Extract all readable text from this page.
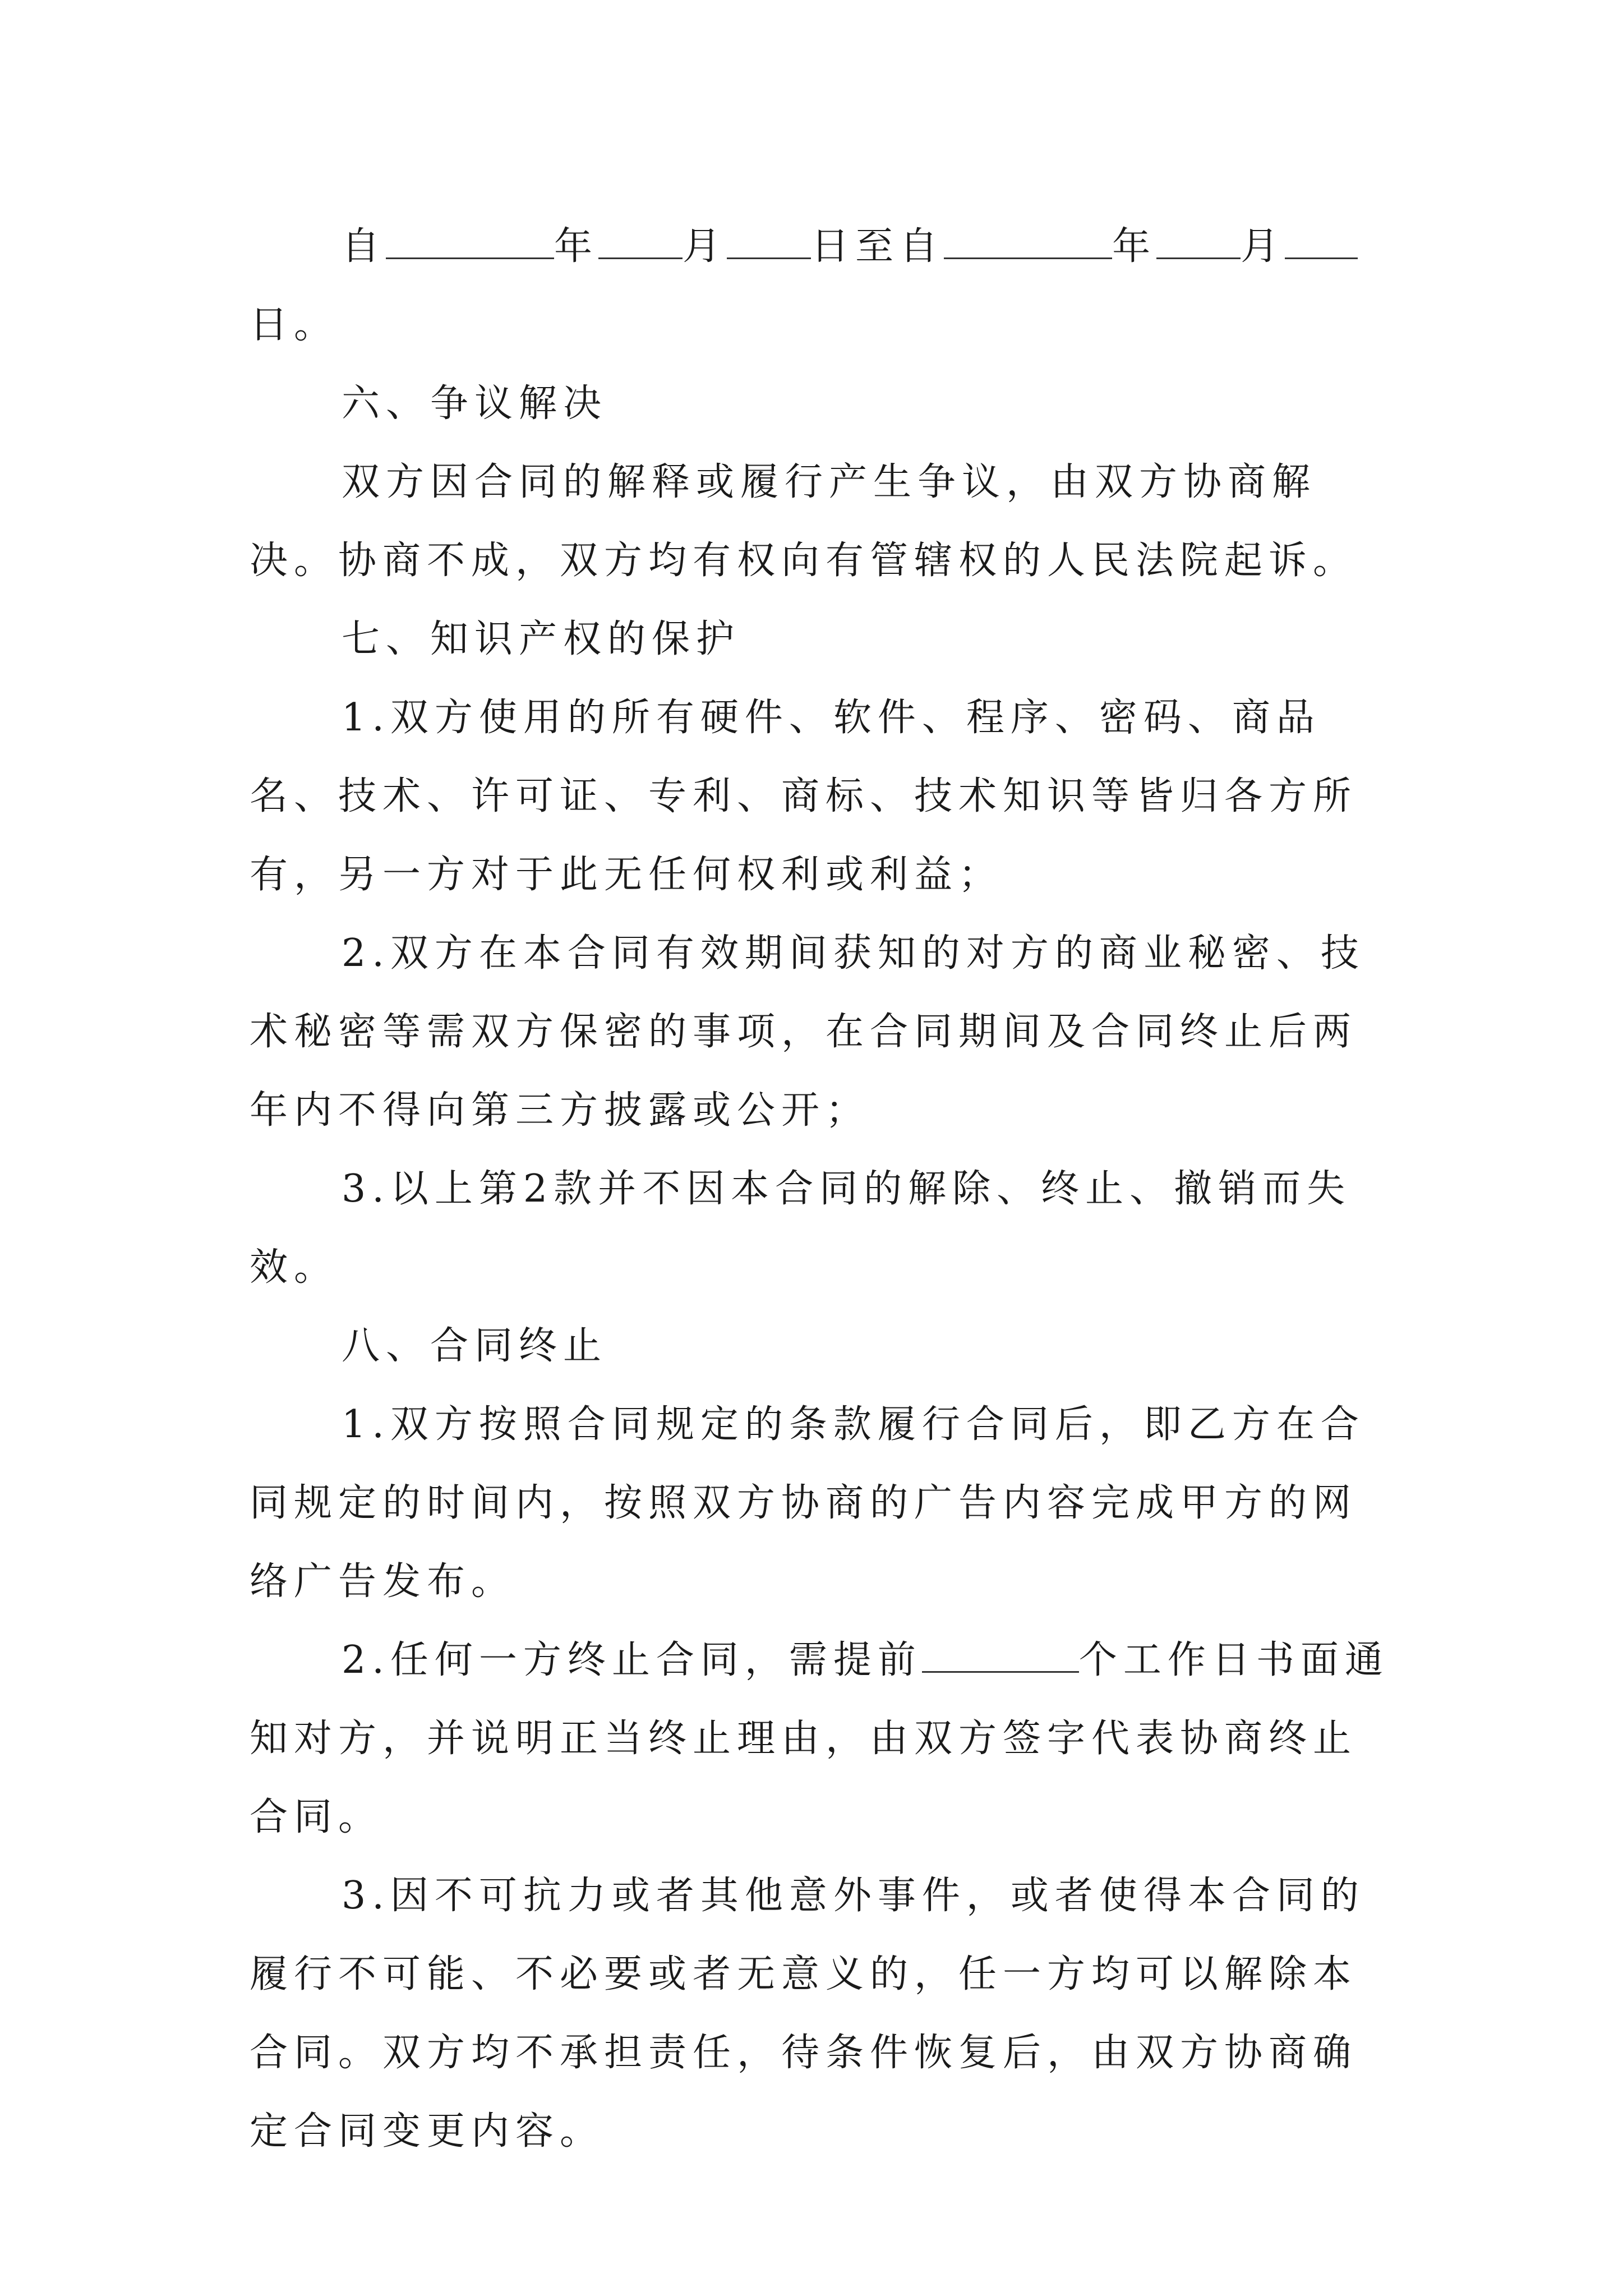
自	年 月 日至自	年 月日。

六、争议解决

双方因合同的解释或履行产生争议，由双方协商解决。协商不成，双方均有权向有管辖权的人民法院起诉。

七、知识产权的保护

1.双方使用的所有硬件、软件、程序、密码、商品名、技术、许可证、专利、商标、技术知识等皆归各方所有，另一方对于此无任何权利或利益；

2.双方在本合同有效期间获知的对方的商业秘密、技术秘密等需双方保密的事项，在合同期间及合同终止后两年内不得向第三方披露或公开；

3.以上第2款并不因本合同的解除、终止、撤销而失效。

八、合同终止

1.双方按照合同规定的条款履行合同后，即乙方在合同规定的时间内，按照双方协商的广告内容完成甲方的网络广告发布。

2.任何一方终止合同，需提前	个工作日书面通知对方，并说明正当终止理由，由双方签字代表协商终止合同。

3.因不可抗力或者其他意外事件，或者使得本合同的履行不可能、不必要或者无意义的，任一方均可以解除本合同。双方均不承担责任，待条件恢复后，由双方协商确定合同变更内容。
